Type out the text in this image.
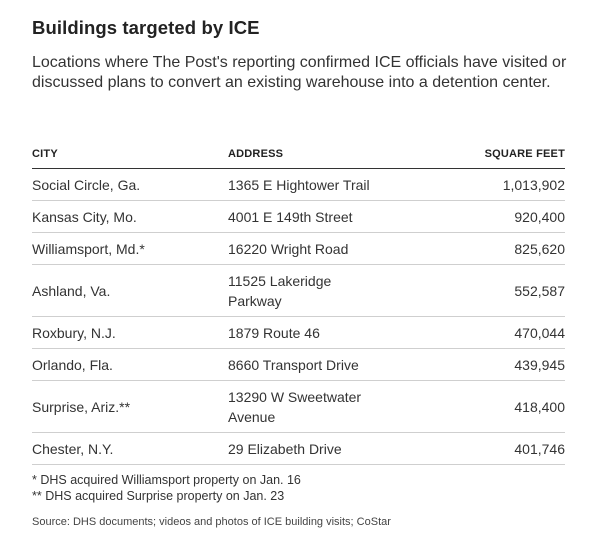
Buildings targeted by ICE

Locations where The Post's reporting confirmed ICE officials have visited or discussed plans to convert an existing warehouse into a detention center.

CITY	ADDRESS	SQUARE FEET
Social Circle, Ga.	1365 E Hightower Trail	1,013,902
Kansas City, Mo.	4001 E 149th Street	920,400
Williamsport, Md.*	16220 Wright Road	825,620
Ashland, Va.	11525 Lakeridge Parkway	552,587
Roxbury, N.J.	1879 Route 46	470,044
Orlando, Fla.	8660 Transport Drive	439,945
Surprise, Ariz.**	13290 W Sweetwater Avenue	418,400
Chester, N.Y.	29 Elizabeth Drive	401,746
* DHS acquired Williamsport property on Jan. 16
** DHS acquired Surprise property on Jan. 23
Source: DHS documents; videos and photos of ICE building visits; CoStar
